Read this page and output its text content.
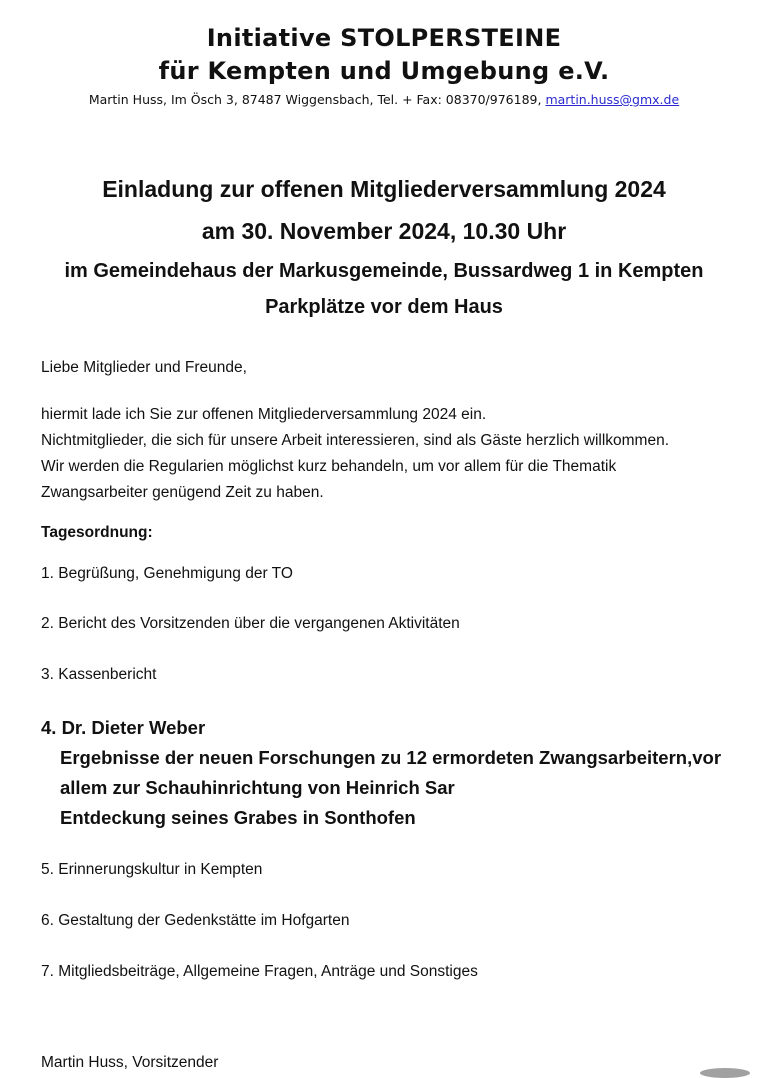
Initiative STOLPERSTEINE
für Kempten und Umgebung e.V.
Martin Huss, Im Ösch 3, 87487 Wiggensbach, Tel. + Fax: 08370/976189, martin.huss@gmx.de
Einladung zur offenen Mitgliederversammlung 2024
am 30. November 2024, 10.30 Uhr
im Gemeindehaus der Markusgemeinde, Bussardweg 1 in Kempten
Parkplätze vor dem Haus
Liebe Mitglieder und Freunde,
hiermit lade ich Sie zur offenen Mitgliederversammlung 2024 ein.
Nichtmitglieder, die sich für unsere Arbeit interessieren, sind als Gäste herzlich willkommen.
Wir werden die Regularien möglichst kurz behandeln, um vor allem für die Thematik
Zwangsarbeiter genügend Zeit zu haben.
Tagesordnung:
1. Begrüßung, Genehmigung der TO
2. Bericht des Vorsitzenden über die vergangenen Aktivitäten
3. Kassenbericht
4. Dr. Dieter Weber
Ergebnisse der neuen Forschungen zu 12 ermordeten Zwangsarbeitern,vor
allem zur Schauhinrichtung von Heinrich Sar
Entdeckung seines Grabes in Sonthofen
5. Erinnerungskultur in Kempten
6. Gestaltung der Gedenkstätte im Hofgarten
7. Mitgliedsbeiträge, Allgemeine Fragen, Anträge und Sonstiges
Martin Huss, Vorsitzender
